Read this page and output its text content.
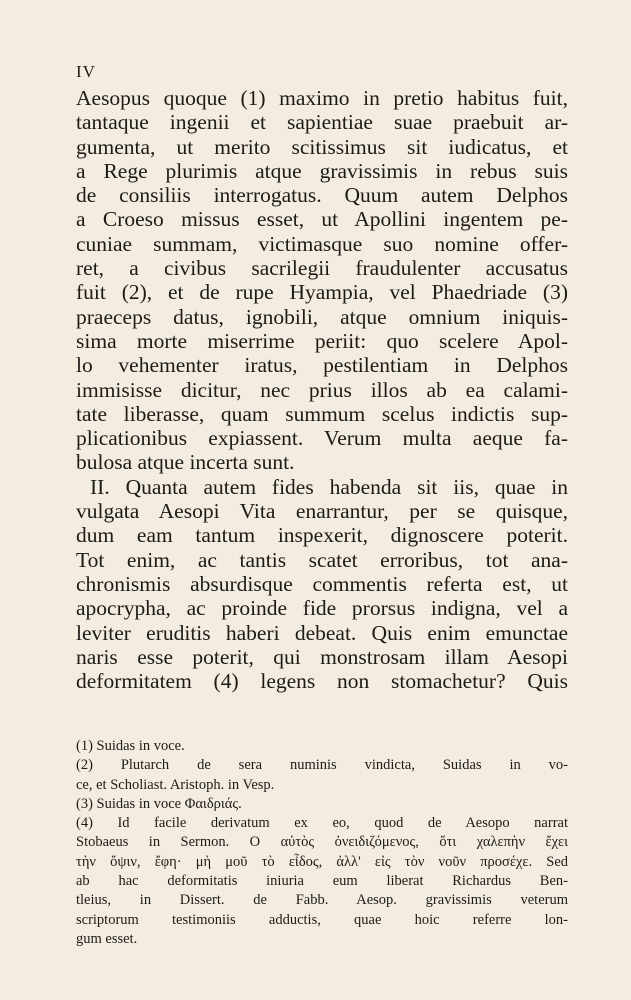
IV
Aesopus quoque (1) maximo in pretio habitus fuit,
tantaque ingenii et sapientiae suae praebuit ar-
gumenta, ut merito scitissimus sit iudicatus, et
a Rege plurimis atque gravissimis in rebus suis
de consiliis interrogatus. Quum autem Delphos
a Croeso missus esset, ut Apollini ingentem pe-
cuniae summam, victimasque suo nomine offer-
ret, a civibus sacrilegii fraudulenter accusatus
fuit (2), et de rupe Hyampia, vel Phaedriade (3)
praeceps datus, ignobili, atque omnium iniquis-
sima morte miserrime periit: quo scelere Apol-
lo vehementer iratus, pestilentiam in Delphos
immisisse dicitur, nec prius illos ab ea calami-
tate liberasse, quam summum scelus indictis sup-
plicationibus expiassent. Verum multa aeque fa-
bulosa atque incerta sunt.
II. Quanta autem fides habenda sit iis, quae in
vulgata Aesopi Vita enarrantur, per se quisque,
dum eam tantum inspexerit, dignoscere poterit.
Tot enim, ac tantis scatet erroribus, tot ana-
chronismis absurdisque commentis referta est, ut
apocrypha, ac proinde fide prorsus indigna, vel a
leviter eruditis haberi debeat. Quis enim emunctae
naris esse poterit, qui monstrosam illam Aesopi
deformitatem (4) legens non stomachetur? Quis
(1) Suidas in voce.
(2) Plutarch de sera numinis vindicta, Suidas in vo-
ce, et Scholiast. Aristoph. in Vesp.
(3) Suidas in voce Φαιδριάς.
(4) Id facile derivatum ex eo, quod de Aesopo narrat
Stobaeus in Sermon. Ο αὐτὸς ὀνειδιζόμενος, ὅτι χαλεπὴν ἔχει
τὴν ὄψιν, ἔφη· μὴ μοῦ τὸ εἶδος, ἀλλ' εἰς τὸν νοῦν προσέχε. Sed
ab hac deformitatis iniuria eum liberat Richardus Ben-
tleius, in Dissert. de Fabb. Aesop. gravissimis veterum
scriptorum testimoniis adductis, quae hoic referre lon-
gum esset.
